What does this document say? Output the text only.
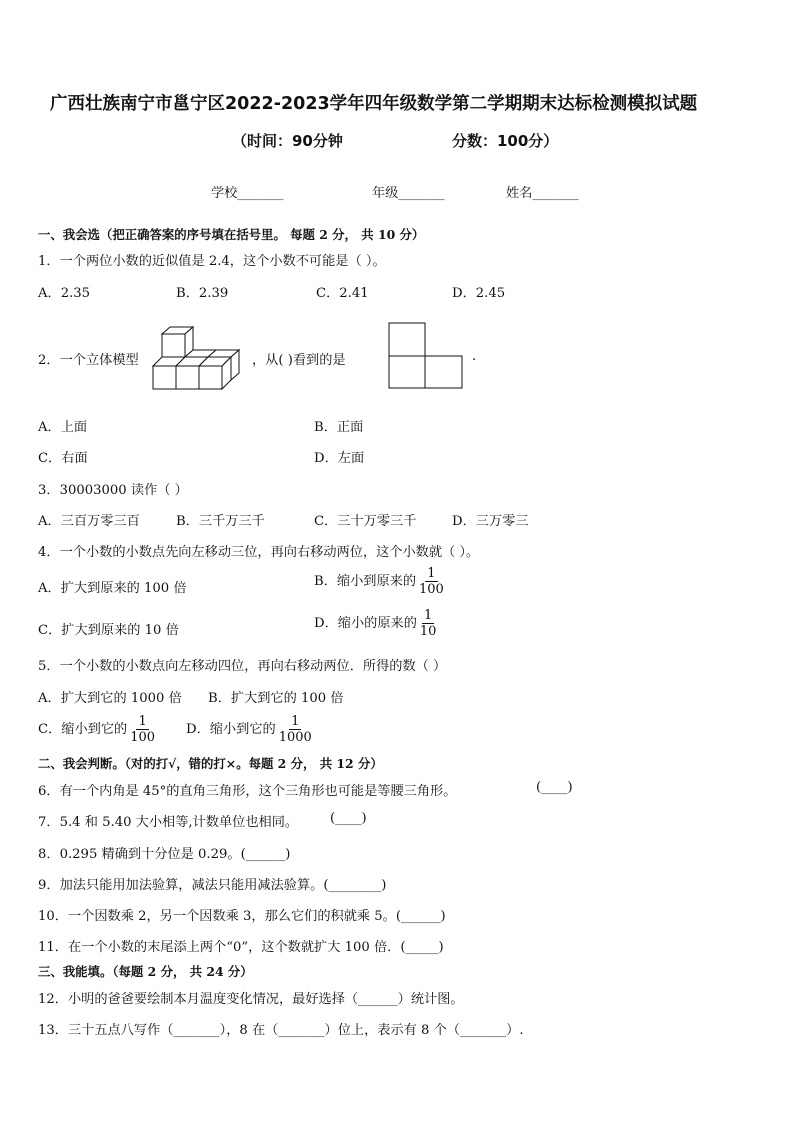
广西壮族南宁市邕宁区2022-2023学年四年级数学第二学期期末达标检测模拟试题
（时间：90分钟	分数：100分）
学校_______	年级_______	姓名_______
一、我会选（把正确答案的序号填在括号里。 每题 2 分， 共 10 分）
1．一个两位小数的近似值是 2.4，这个小数不可能是（ ）。
A．2.35	B．2.39	C．2.41	D．2.45
2．一个立体模型	，从( )看到的是	.
A．上面	B．正面
C．右面	D．左面
3．30003000 读作（ ）
A．三百万零三百	B．三千万三千	C．三十万零三千	D．三万零三
4．一个小数的小数点先向左移动三位，再向右移动两位，这个小数就（ ）。
A．扩大到原来的 100 倍	B．缩小到原来的 $\frac{1}{100}$
C．扩大到原来的 10 倍	D．缩小的原来的 $\frac{1}{10}$
5．一个小数的小数点向左移动四位，再向右移动两位．所得的数（ ）
A．扩大到它的 1000 倍 B．扩大到它的 100 倍
C．缩小到它的 $\frac{1}{100}$ D．缩小到它的 $\frac{1}{1000}$
二、我会判断。（对的打√，错的打×。每题 2 分， 共 12 分）
6．有一个内角是 45°的直角三角形，这个三角形也可能是等腰三角形。	(____)
7．5.4 和 5.40 大小相等,计数单位也相同。 (____)
8．0.295 精确到十分位是 0.29。(______)
9．加法只能用加法验算，减法只能用减法验算。(________)
10．一个因数乘 2，另一个因数乘 3，那么它们的积就乘 5。(______)
11．在一个小数的末尾添上两个“0”，这个数就扩大 100 倍．(_____)
三、我能填。（每题 2 分， 共 24 分）
12．小明的爸爸要绘制本月温度变化情况，最好选择（______）统计图。
13．三十五点八写作（_______），8 在（_______）位上，表示有 8 个（_______）.
